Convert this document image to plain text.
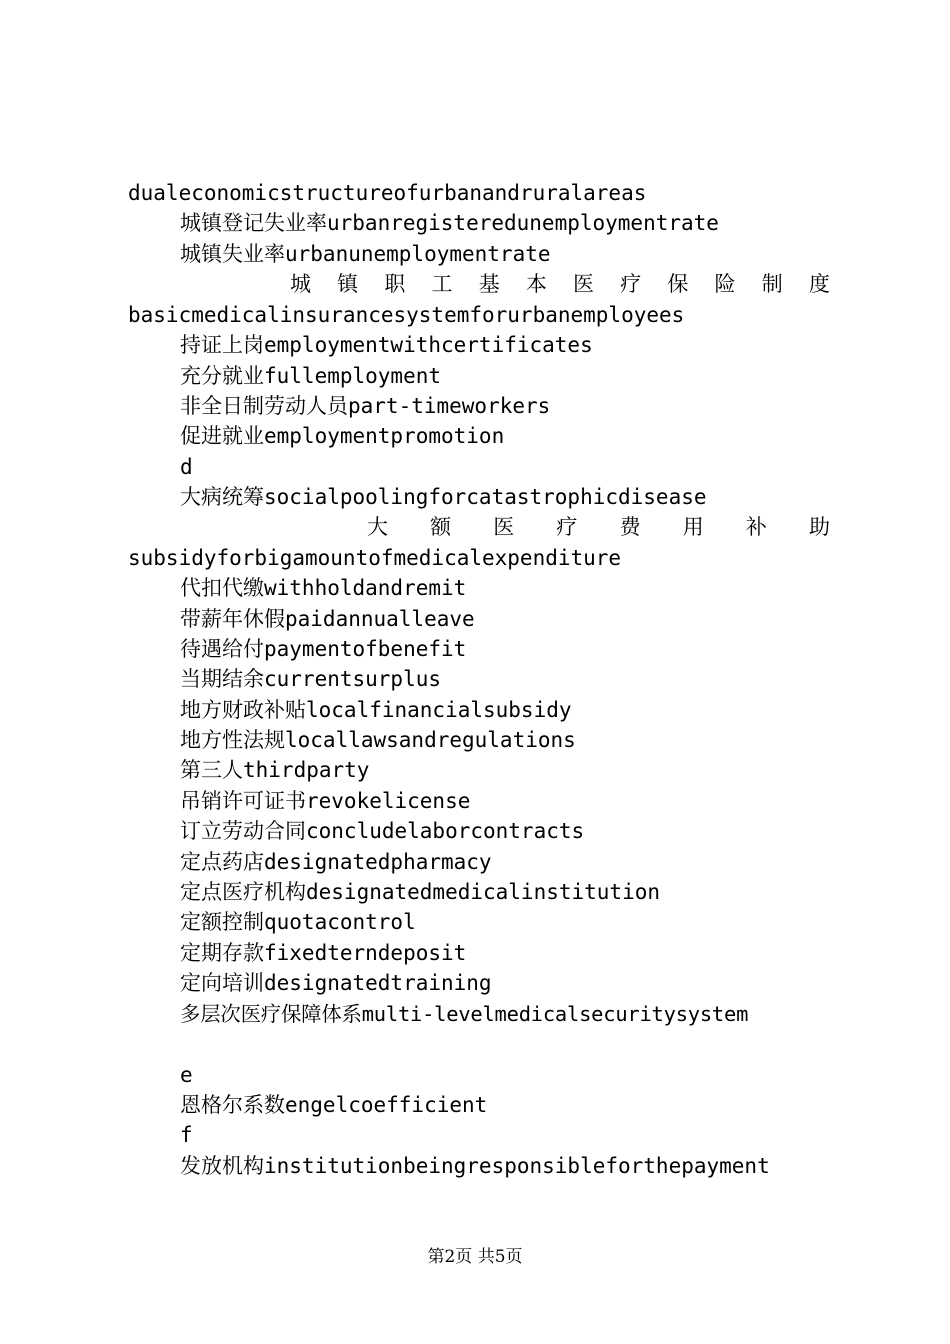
dualeconomicstructureofurbanandruralareas
城镇登记失业率urbanregisteredunemploymentrate
城镇失业率urbanunemploymentrate
城 镇 职 工 基 本 医 疗 保 险 制 度
basicmedicalinsurancesystemforurbanemployees
持证上岗employmentwithcertificates
充分就业fullemployment
非全日制劳动人员part-timeworkers
促进就业employmentpromotion
d
大病统筹socialpoolingforcatastrophicdisease
大 额 医 疗 费 用 补 助
subsidyforbigamountofmedicalexpenditure
代扣代缴withholdandremit
带薪年休假paidannualleave
待遇给付paymentofbenefit
当期结余currentsurplus
地方财政补贴localfinancialsubsidy
地方性法规locallawsandregulations
第三人thirdparty
吊销许可证书revokelicense
订立劳动合同concludelaborcontracts
定点药店designatedpharmacy
定点医疗机构designatedmedicalinstitution
定额控制quotacontrol
定期存款fixedterndeposit
定向培训designatedtraining
多层次医疗保障体系multi-levelmedicalsecuritysystem
e
恩格尔系数engelcoefficient
f
发放机构institutionbeingresponsibleforthepayment
第2页 共5页
